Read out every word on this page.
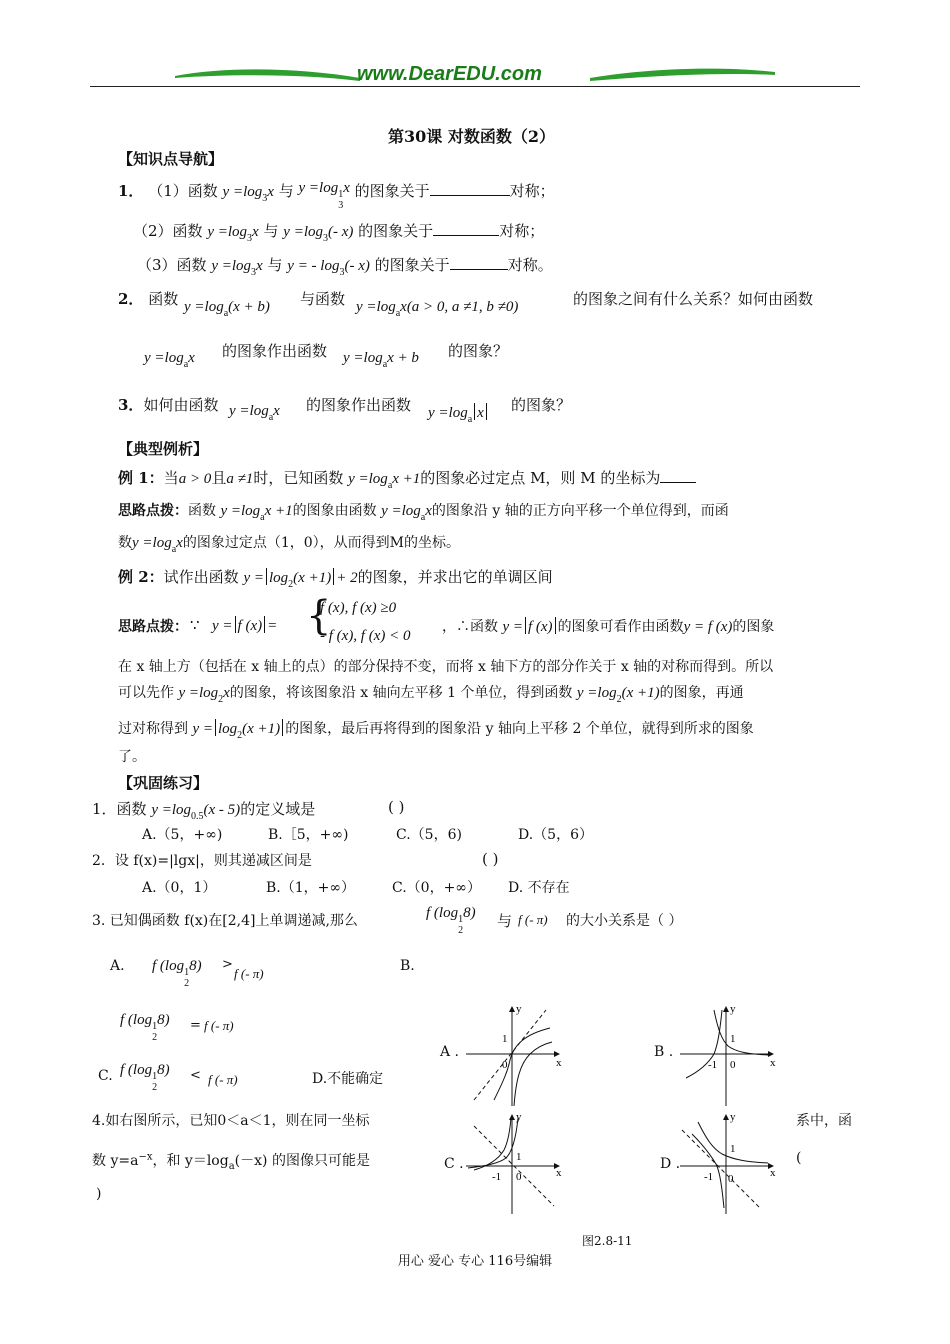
www.DearEDU.com
第30课 对数函数（2）
【知识点导航】
1． （1）函数 $y =\log_3x$ 与 y =log1
3x 的图象关于	对称；
（2）函数 $y =\log_3x$ 与 $y =\log_3(-$ x) 的图象关于	对称；
（3）函数 $y =\log_3x$ 与 y = - $\log_3(-$ x) 的图象关于	对称。
2． 函数 $y =\log_a(x + b)$ 与函数 $y =\log_ax(a > 0$, a ≠1, b ≠0)	的图象之间有什么关系？如何由函数
$y =\log_ax$ 的图象作出函数 $y =\log_ax + b$ 的图象？
3．如何由函数 $y =\log_ax$ 的图象作出函数 $y =\log_a$ x	的图象？
【典型例析】
例 1：当a > 0且a ≠1时，已知函数 $y =\log_ax +1$的图象必过定点 M，则 M 的坐标为
思路点拨：函数 $y =\log_ax +1$的图象由函数 $y =\log_ax$的图象沿 y 轴的正方向平移一个单位得到，而函
数$y =\log_ax$的图象过定点（1，0），从而得到M的坐标。
例 2：试作出函数 $y = \log_2(x +1) + 2$的图象，并求出它的单调区间
思路点拨： ∵ y = f (x) = {
f (x), f (x) ≥0
- f (x), f (x) < 0
，∴函数 y = f (x) 的图象可看作由函数y = f (x)的图象
在 x 轴上方（包括在 x 轴上的点）的部分保持不变，而将 x 轴下方的部分作关于 x 轴的对称而得到。所以
可以先作 $y =\log_2x$的图象，将该图象沿 x 轴向左平移 1 个单位，得到函数 $y =\log_2(x +1)$的图象，再通
过对称得到 $y = \log_2(x +1)$ 的图象，最后再将得到的图象沿 y 轴向上平移 2 个单位，就得到所求的图象
了。
【巩固练习】
1．函数 $y =\log_{0.5}(x - 5)$的定义域是	( )
A.（5，+∞)	B.［5，+∞)	C.（5，6)	D.（5，6）
2．设 f(x)=|lgx|，则其递减区间是	( )
A.（0，1）	B.（1，+∞）	C.（0，+∞） D. 不存在
3. 已知偶函数 f(x)在[2,4]上单调递减,那么	f (log1
28) 与 f (- π) 的大小关系是（ ）
A. f (log1
28) >
f (- π)	B.
f (log1
28) = f (- π)
C. f (log1
28) < f (- π)	D.不能确定
4.如右图所示，已知0＜a＜1，则在同一坐标	系中，函
数 $y=a^{-x}$，和 $y=\log_a(-x)$ 的图像只可能是	(
)
A .
x
y
1
0
B .
x
y
1
-1 0
C .
x
y
1
-1 0
D .
x
y
1
-1 0
图2.8-11
用心 爱心 专心 116号编辑
